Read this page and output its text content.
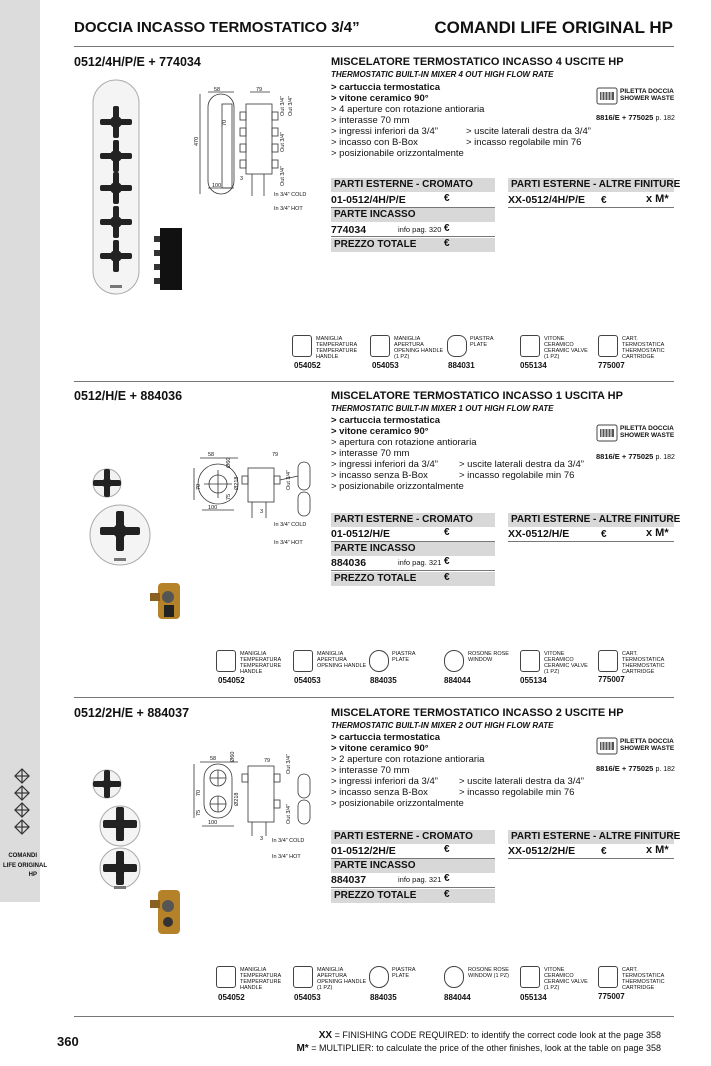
COMANDI
LIFE ORIGINAL
HP
DOCCIA INCASSO TERMOSTATICO 3/4”	COMANDI LIFE ORIGINAL HP
0512/4H/P/E + 774034	MISCELATORE TERMOSTATICO INCASSO 4 USCITE HP
THERMOSTATIC BUILT-IN MIXER 4 OUT HIGH FLOW RATE
> cartuccia termostatica
> vitone ceramico 90°
> 4 aperture con rotazione antioraria
> interasse 70 mm
> ingressi inferiori da 3/4”
> incasso con B-Box
> posizionabile orizzontalmente
> uscite laterali destra da 3/4”
> incasso regolabile min 76
PILETTA DOCCIA
SHOWER WASTE
8816/E + 775025 p. 182
PARTI ESTERNE - CROMATO	PARTI ESTERNE - ALTRE FINITURE
01-0512/4H/P/E	€	XX-0512/4H/P/E €	x M*
PARTE INCASSO
774034	info pag. 320 €
PREZZO TOTALE	€
58	79
470
70
Out 3/4” Out 3/4”
Out 3/4”
Out 3/4”
100
3
In 3/4” COLD
In 3/4” HOT
MANIGLIA TEMPERATURA TEMPERATURE HANDLE
054052
MANIGLIA APERTURA OPENING HANDLE (1 PZ)
054053
PIASTRA PLATE
884031
VITONE CERAMICO CERAMIC VALVE (1 PZ)
055134
CART. TERMOSTATICA THERMOSTATIC CARTRIDGE
775007
0512/H/E + 884036	MISCELATORE TERMOSTATICO INCASSO 1 USCITA HP
THERMOSTATIC BUILT-IN MIXER 1 OUT HIGH FLOW RATE
> cartuccia termostatica
> vitone ceramico 90°
> apertura con rotazione antioraria
> interasse 70 mm
> ingressi inferiori da 3/4”
> incasso senza B-Box
> posizionabile orizzontalmente
> uscite laterali destra da 3/4”
> incasso regolabile min 76
PILETTA DOCCIA
SHOWER WASTE
8816/E + 775025 p. 182
PARTI ESTERNE - CROMATO	PARTI ESTERNE - ALTRE FINITURE
01-0512/H/E	€	XX-0512/H/E	€	x M*
PARTE INCASSO
884036	info pag. 321 €
PREZZO TOTALE	€
58
Ø60
79
Ø218
70
75
Out 3/4”
100
3
In 3/4” COLD
In 3/4” HOT
MANIGLIA TEMPERATURA TEMPERATURE HANDLE
054052
MANIGLIA APERTURA OPENING HANDLE
054053
PIASTRA PLATE
884035
ROSONE ROSE WINDOW
884044
VITONE CERAMICO CERAMIC VALVE (1 PZ)
055134
CART. TERMOSTATICA THERMOSTATIC CARTRIDGE
775007
0512/2H/E + 884037	MISCELATORE TERMOSTATICO INCASSO 2 USCITE HP
THERMOSTATIC BUILT-IN MIXER 2 OUT HIGH FLOW RATE
> cartuccia termostatica
> vitone ceramico 90°
> 2 aperture con rotazione antioraria
> interasse 70 mm
> ingressi inferiori da 3/4”
> incasso senza B-Box
> posizionabile orizzontalmente
> uscite laterali destra da 3/4”
> incasso regolabile min 76
PILETTA DOCCIA
SHOWER WASTE
8816/E + 775025 p. 182
PARTI ESTERNE - CROMATO	PARTI ESTERNE - ALTRE FINITURE
01-0512/2H/E	€	XX-0512/2H/E	€	x M*
PARTE INCASSO
884037	info pag. 321 €
PREZZO TOTALE	€
58	Ø60	79
Ø218
70
75
Out 3/4”
Out 3/4”
100
3 In 3/4” COLD
In 3/4” HOT
MANIGLIA TEMPERATURA TEMPERATURE HANDLE
054052
MANIGLIA APERTURA OPENING HANDLE (1 PZ)
054053
PIASTRA PLATE
884035
ROSONE ROSE WINDOW (1 PZ)
884044
VITONE CERAMICO CERAMIC VALVE (1 PZ)
055134
CART. TERMOSTATICA THERMOSTATIC CARTRIDGE
775007
360	XX = FINISHING CODE REQUIRED: to identify the correct code look at the page 358
M* = MULTIPLIER: to calculate the price of the other finishes, look at the table on page 358
